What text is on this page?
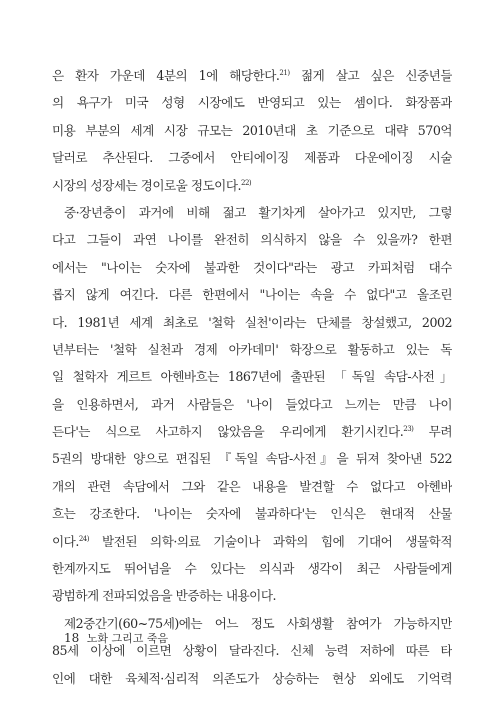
은 환자 가운데 4분의 1에 해당한다.$^{21)}$ 젊게 살고 싶은 신중년들
의 욕구가 미국 성형 시장에도 반영되고 있는 셈이다. 화장품과
미용 부분의 세계 시장 규모는 2010년대 초 기준으로 대략 570억
달러로 추산된다. 그중에서 안티에이징 제품과 다운에이징 시술
시장의 성장세는 경이로울 정도이다.$^{22)}$
중·장년층이 과거에 비해 젊고 활기차게 살아가고 있지만, 그렇
다고 그들이 과연 나이를 완전히 의식하지 않을 수 있을까? 한편
에서는 "나이는 숫자에 불과한 것이다"라는 광고 카피처럼 대수
롭지 않게 여긴다. 다른 한편에서 "나이는 속을 수 없다"고 올조린
다. 1981년 세계 최초로 '철학 실천'이라는 단체를 창설했고, 2002
년부터는 '철학 실천과 경제 아카데미' 학장으로 활동하고 있는 독
일 철학자 게르트 아헨바흐는 1867년에 출판된 「독일 속담-사전」
을 인용하면서, 과거 사람들은 '나이 들었다고 느끼는 만큼 나이
든다'는 식으로 사고하지 않았음을 우리에게 환기시킨다.$^{23)}$ 무려
5권의 방대한 양으로 편집된 『독일 속담-사전』을 뒤져 찾아낸 522
개의 관련 속담에서 그와 같은 내용을 발견할 수 없다고 아헨바
흐는 강조한다. '나이는 숫자에 불과하다'는 인식은 현대적 산물
이다.$^{24)}$ 발전된 의학·의료 기술이나 과학의 힘에 기대어 생물학적
한계까지도 뛰어넘을 수 있다는 의식과 생각이 최근 사람들에게
광범하게 전파되었음을 반증하는 내용이다.
제2중간기(60~75세)에는 어느 정도 사회생활 참여가 가능하지만
85세 이상에 이르면 상황이 달라진다. 신체 능력 저하에 따른 타
인에 대한 육체적·심리적 의존도가 상승하는 현상 외에도 기억력
18 노화 그리고 죽음
